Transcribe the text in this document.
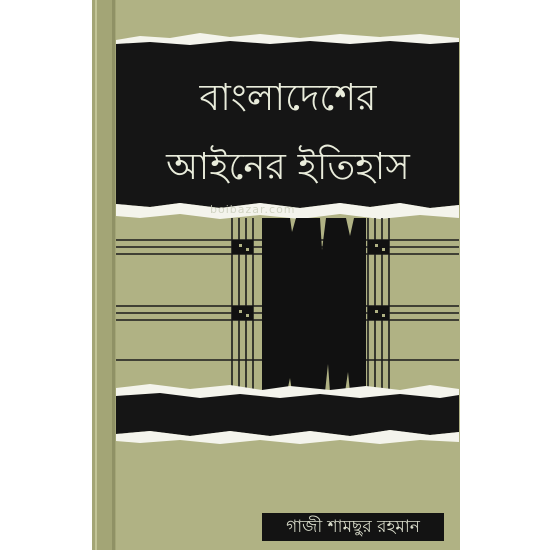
বাংলাদেশের
আইনের ইতিহাস
boibazar.com
গাজী শামছুর রহমান
